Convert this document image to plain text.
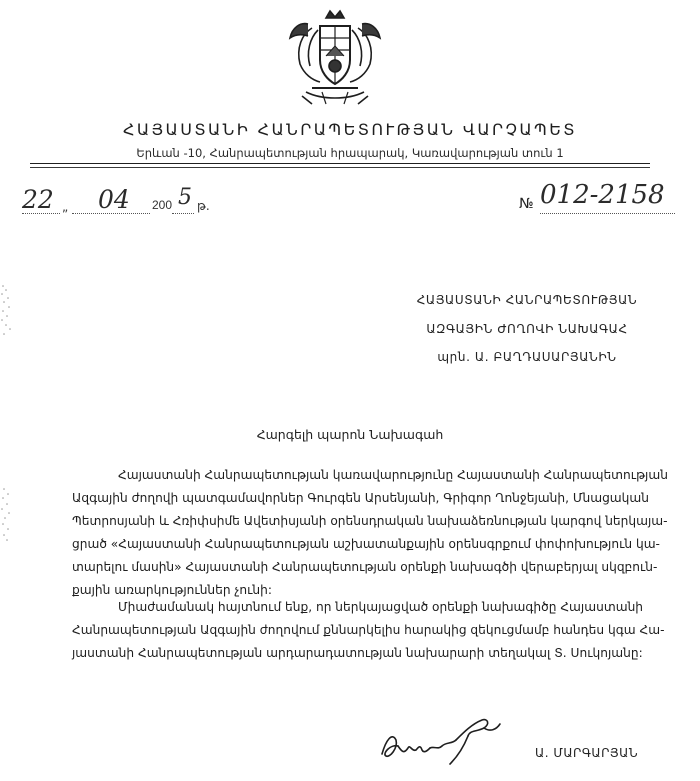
ՀԱՅԱՍՏԱՆԻ ՀԱՆՐԱՊԵՏՈՒԹՅԱՆ ՎԱՐՉԱՊԵՏ
Երևան -10, Հանրապետության հրապարակ, Կառավարության տուն 1
22 „ 04 200 5 թ.	№ 012-2158
ՀԱՅԱՍՏԱՆԻ ՀԱՆՐԱՊԵՏՈՒԹՅԱՆ
ԱԶԳԱՅԻՆ ԺՈՂՈՎԻ ՆԱԽԱԳԱՀ
պրն. Ա. ԲԱՂԴԱՍԱՐՅԱՆԻՆ
Հարգելի պարոն Նախագահ
Հայաստանի Հանրապետության կառավարությունը Հայաստանի Հանրապետության
Ազգային ժողովի պատգամավորներ Գուրգեն Արսենյանի, Գրիգոր Ղոնջեյանի, Մնացական
Պետրոսյանի և Հռիփսիմե Ավետիսյանի օրենսդրական նախաձեռնության կարգով ներկայա-
ցրած «Հայաստանի Հանրապետության աշխատանքային օրենսգրքում փոփոխություն կա-
տարելու մասին» Հայաստանի Հանրապետության օրենքի նախագծի վերաբերյալ սկզբուն-
քային առարկություններ չունի:
Միաժամանակ հայտնում ենք, որ ներկայացված օրենքի նախագիծը Հայաստանի
Հանրապետության Ազգային ժողովում քննարկելիս հարակից զեկուցմամբ հանդես կգա Հա-
յաստանի Հանրապետության արդարադատության նախարարի տեղակալ Տ. Սուկոյանը:
Ա. ՄԱՐԳԱՐՅԱՆ
